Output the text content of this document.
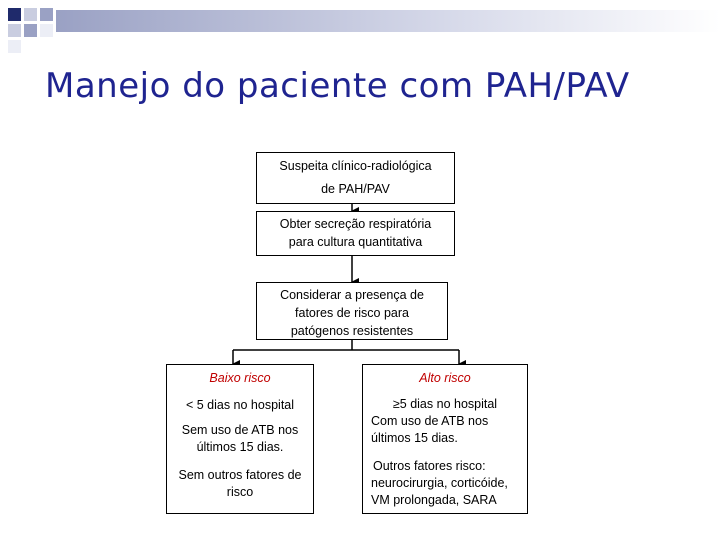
Manejo do paciente com PAH/PAV
Suspeita clínico-radiológica
de PAH/PAV
Obter secreção respiratória
para cultura quantitativa
Considerar a presença de
fatores de risco para
patógenos resistentes
Baixo risco
< 5 dias no hospital
Sem uso de ATB nos
últimos 15 dias.
Sem outros fatores de
risco
Alto risco
≥5 dias no hospital
Com uso de ATB nos
últimos 15 dias.
Outros fatores risco:
neurocirurgia, corticóide,
VM prolongada, SARA
